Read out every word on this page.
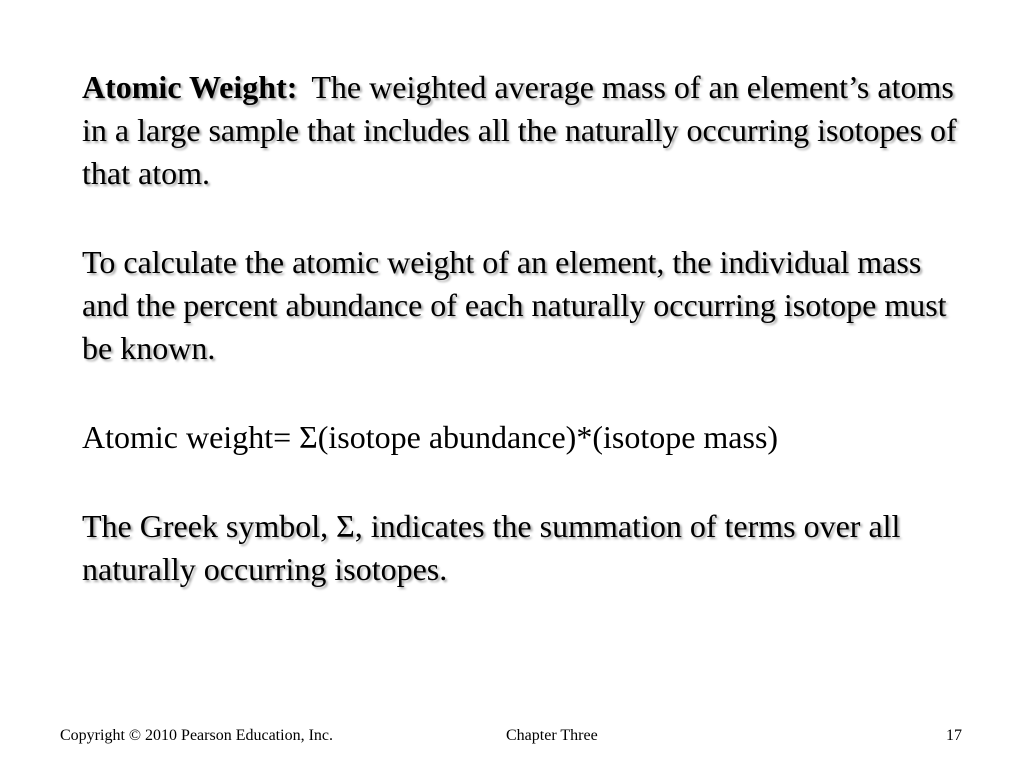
Atomic Weight: The weighted average mass of an element’s atoms in a large sample that includes all the naturally occurring isotopes of that atom.

To calculate the atomic weight of an element, the individual mass and the percent abundance of each naturally occurring isotope must be known.

Atomic weight= Σ(isotope abundance)*(isotope mass)

The Greek symbol, Σ, indicates the summation of terms over all naturally occurring isotopes.

Copyright © 2010 Pearson Education, Inc.	Chapter Three	17
